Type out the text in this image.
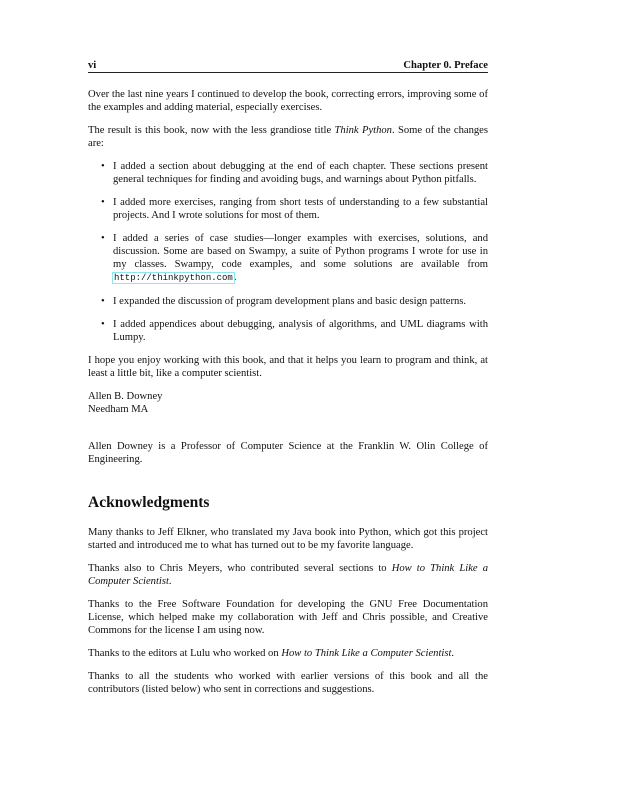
vi	Chapter 0. Preface

Over the last nine years I continued to develop the book, correcting errors, improving some of the examples and adding material, especially exercises.

The result is this book, now with the less grandiose title Think Python. Some of the changes are:

• I added a section about debugging at the end of each chapter. These sections present general techniques for finding and avoiding bugs, and warnings about Python pitfalls.
• I added more exercises, ranging from short tests of understanding to a few substantial projects. And I wrote solutions for most of them.
• I added a series of case studies—longer examples with exercises, solutions, and discussion. Some are based on Swampy, a suite of Python programs I wrote for use in my classes. Swampy, code examples, and some solutions are available from http://thinkpython.com.
• I expanded the discussion of program development plans and basic design patterns.
• I added appendices about debugging, analysis of algorithms, and UML diagrams with Lumpy.

I hope you enjoy working with this book, and that it helps you learn to program and think, at least a little bit, like a computer scientist.

Allen B. Downey
Needham MA

Allen Downey is a Professor of Computer Science at the Franklin W. Olin College of Engineering.

Acknowledgments

Many thanks to Jeff Elkner, who translated my Java book into Python, which got this project started and introduced me to what has turned out to be my favorite language.

Thanks also to Chris Meyers, who contributed several sections to How to Think Like a Computer Scientist.

Thanks to the Free Software Foundation for developing the GNU Free Documentation License, which helped make my collaboration with Jeff and Chris possible, and Creative Commons for the license I am using now.

Thanks to the editors at Lulu who worked on How to Think Like a Computer Scientist.

Thanks to all the students who worked with earlier versions of this book and all the contributors (listed below) who sent in corrections and suggestions.
